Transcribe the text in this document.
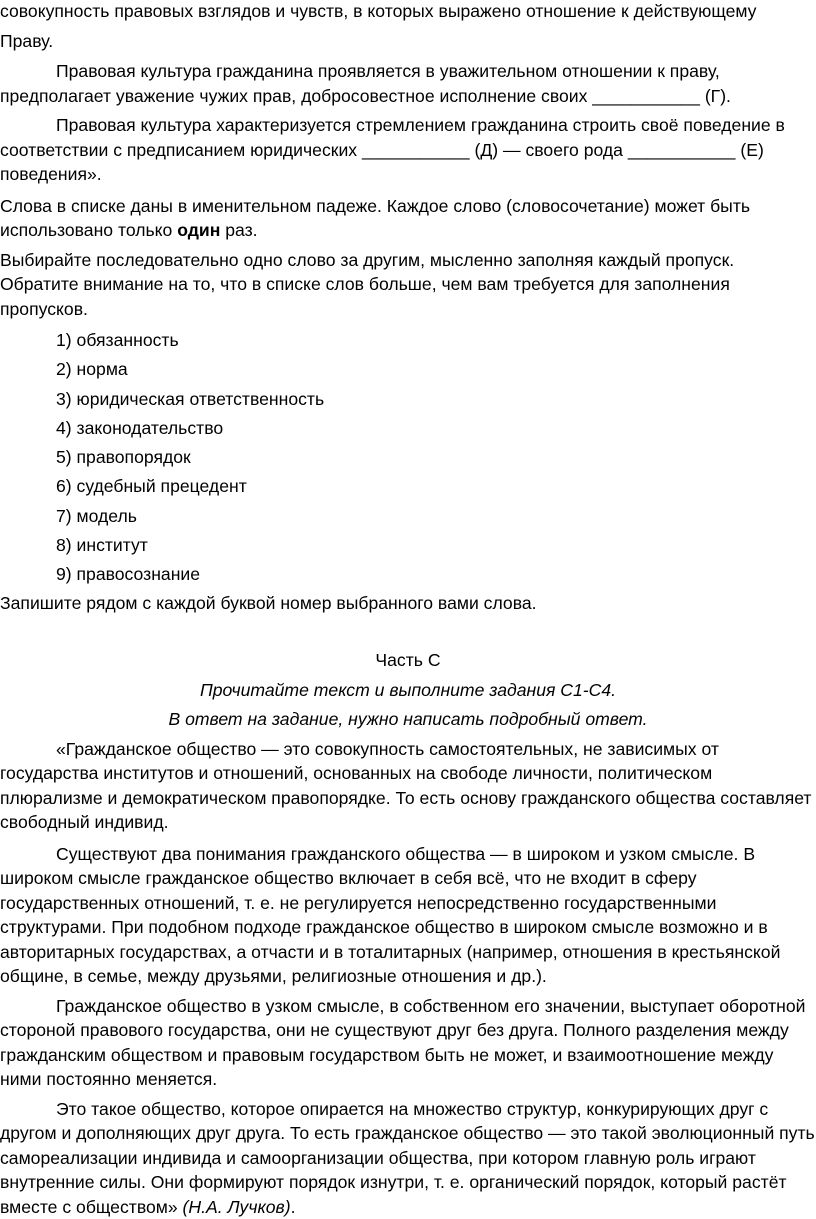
совокупность правовых взглядов и чувств, в которых выражено отношение к действующему

Праву.

Правовая культура гражданина проявляется в уважительном отношении к праву, предполагает уважение чужих прав, добросовестное исполнение своих ___________ (Г).

Правовая культура характеризуется стремлением гражданина строить своё поведение в соответствии с предписанием юридических ___________ (Д) — своего рода ___________ (Е) поведения».

Слова в списке даны в именительном падеже. Каждое слово (словосочетание) может быть использовано только один раз.

Выбирайте последовательно одно слово за другим, мысленно заполняя каждый пропуск. Обратите внимание на то, что в списке слов больше, чем вам требуется для заполнения пропусков.

1) обязанность
2) норма
3) юридическая ответственность
4) законодательство
5) правопорядок
6) судебный прецедент
7) модель
8) институт
9) правосознание

Запишите рядом с каждой буквой номер выбранного вами слова.

Часть С

Прочитайте текст и выполните задания С1-С4.

В ответ на задание, нужно написать подробный ответ.

«Гражданское общество — это совокупность самостоятельных, не зависимых от государства институтов и отношений, основанных на свободе личности, политическом плюрализме и демократическом правопорядке. То есть основу гражданского общества составляет свободный индивид.

Существуют два понимания гражданского общества — в широком и узком смысле. В широком смысле гражданское общество включает в себя всё, что не входит в сферу государственных отношений, т. е. не регулируется непосредственно государственными структурами. При подобном подходе гражданское общество в широком смысле возможно и в авторитарных государствах, а отчасти и в тоталитарных (например, отношения в крестьянской общине, в семье, между друзьями, религиозные отношения и др.).

Гражданское общество в узком смысле, в собственном его значении, выступает оборотной стороной правового государства, они не существуют друг без друга. Полного разделения между гражданским обществом и правовым государством быть не может, и взаимоотношение между ними постоянно меняется.

Это такое общество, которое опирается на множество структур, конкурирующих друг с другом и дополняющих друг друга. То есть гражданское общество — это такой эволюционный путь самореализации индивида и самоорганизации общества, при котором главную роль играют внутренние силы. Они формируют порядок изнутри, т. е. органический порядок, который растёт вместе с обществом» (Н.А. Лучков).
